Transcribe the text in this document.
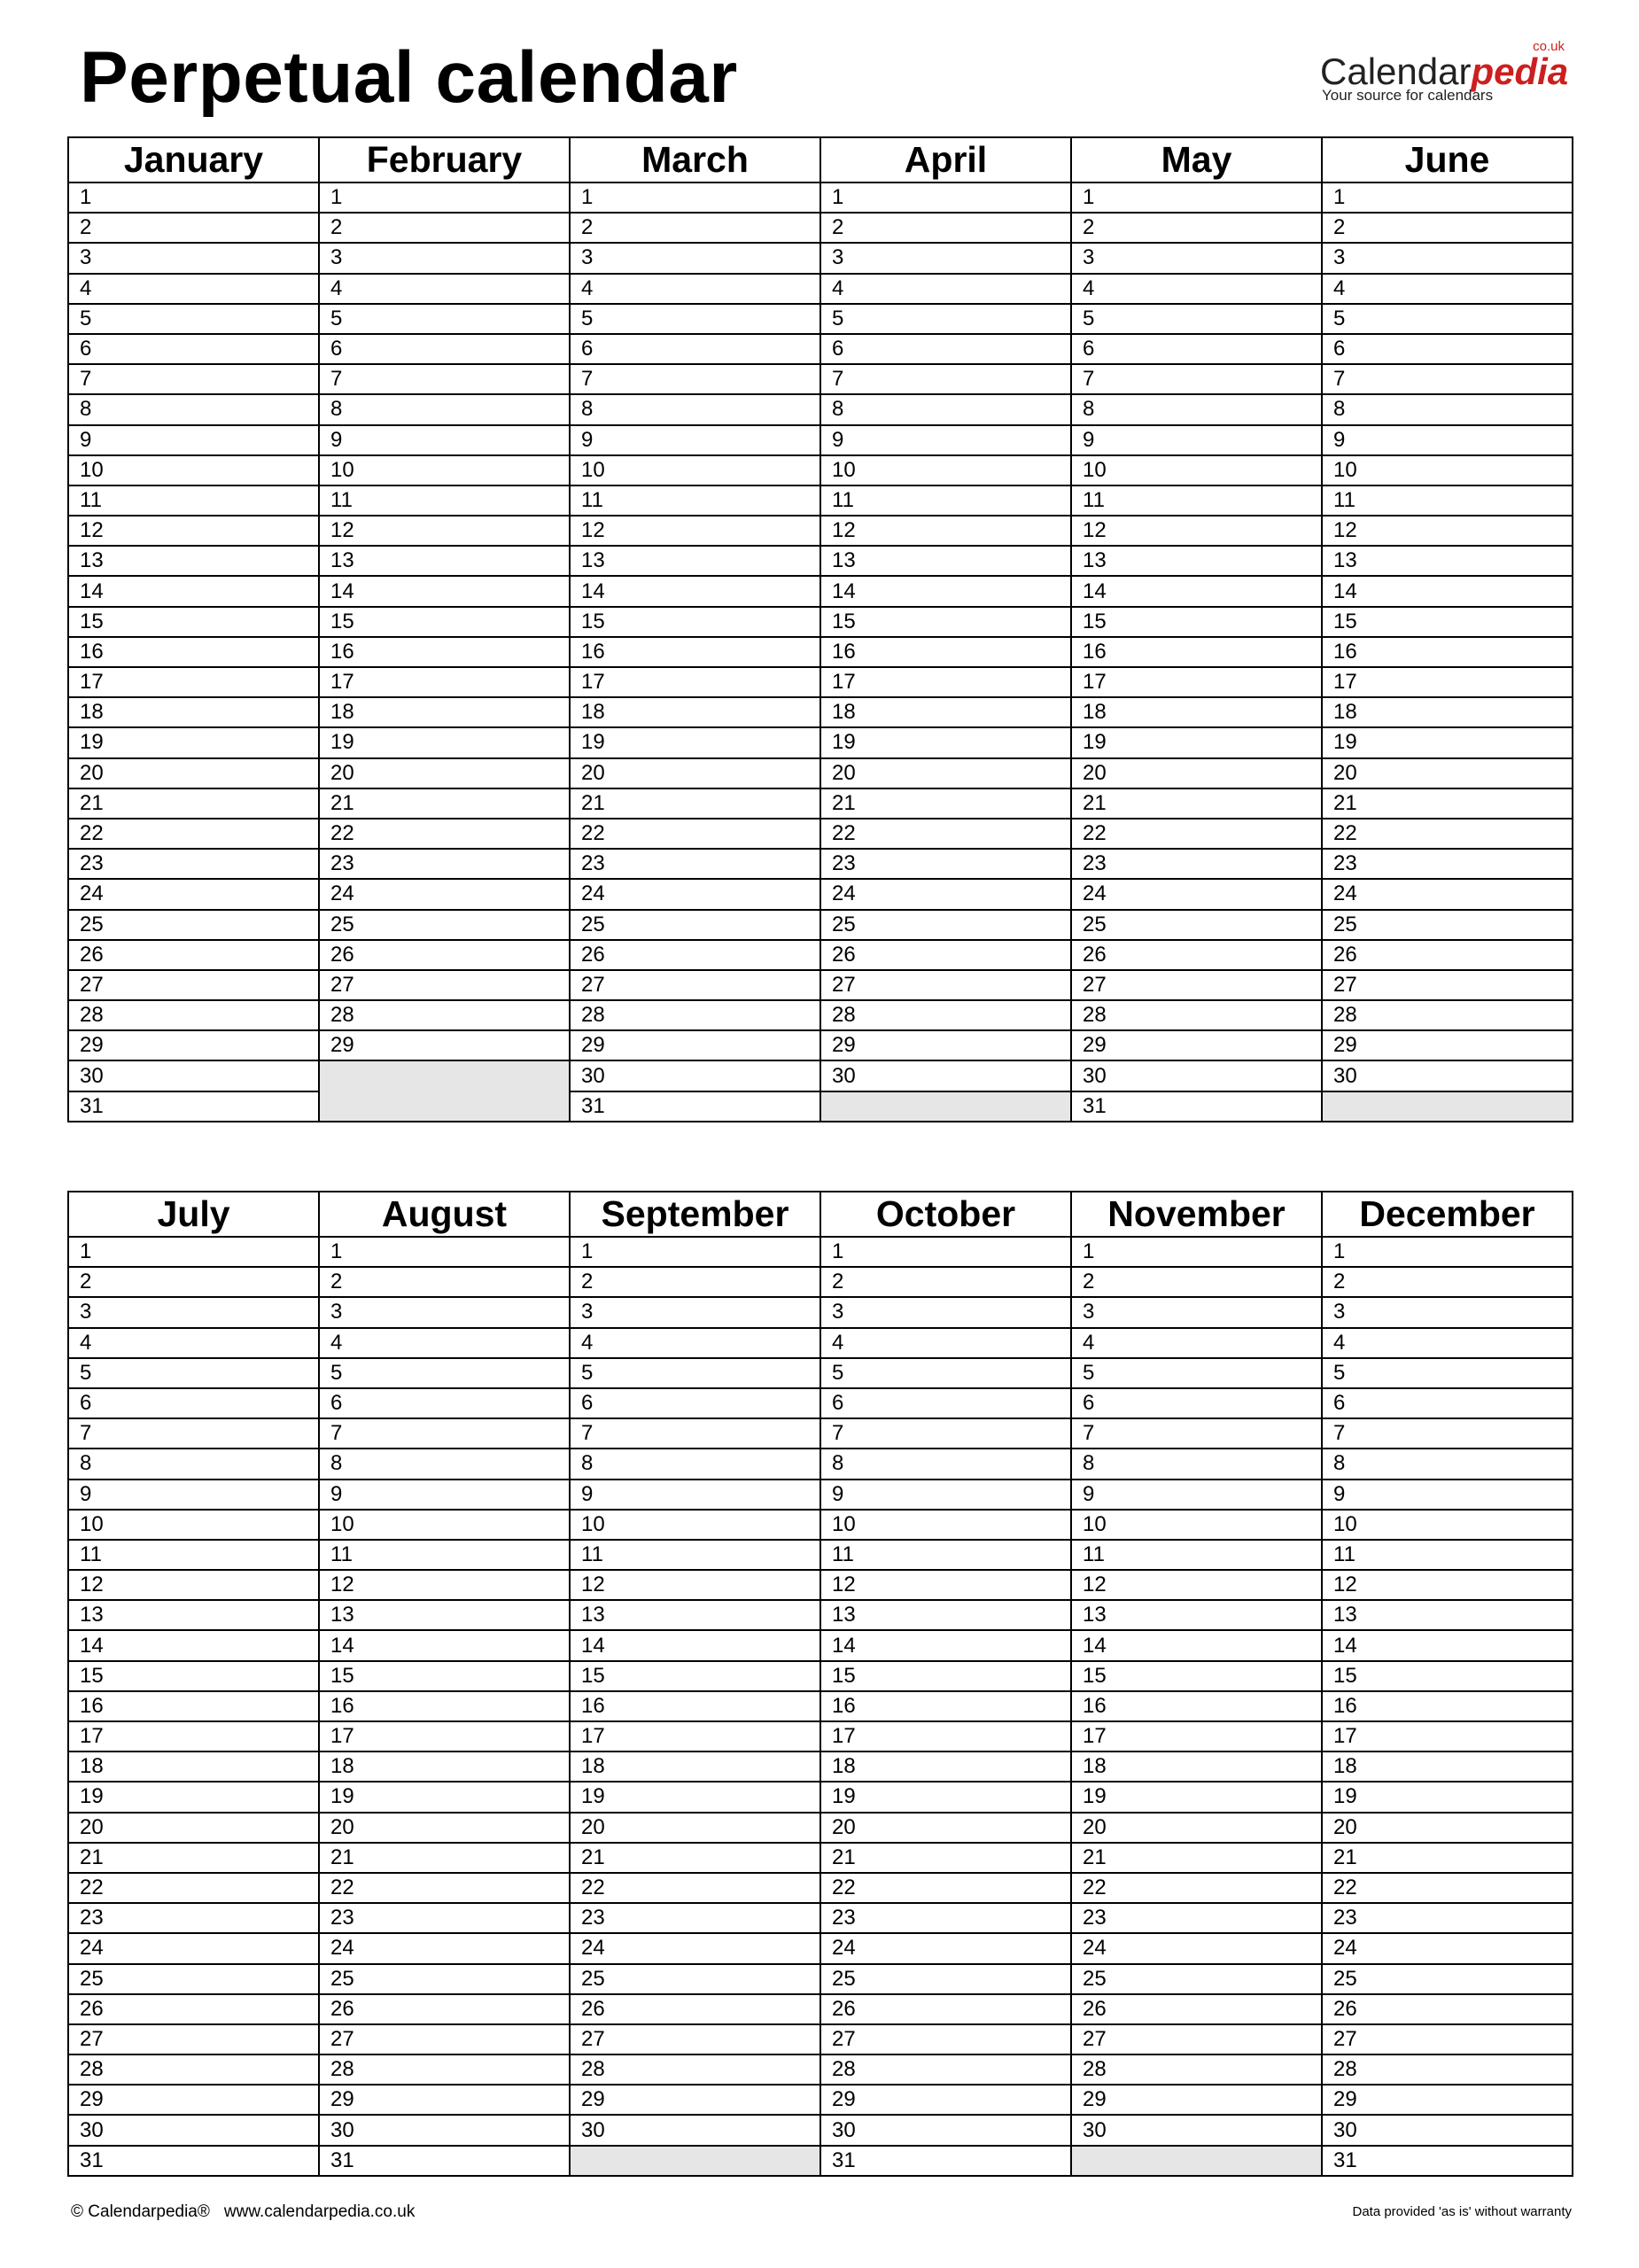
Perpetual calendar	co.uk
Calendarpedia
Your source for calendars
January	February	March	April	May	June
1	1	1	1	1	1
2	2	2	2	2	2
3	3	3	3	3	3
4	4	4	4	4	4
5	5	5	5	5	5
6	6	6	6	6	6
7	7	7	7	7	7
8	8	8	8	8	8
9	9	9	9	9	9
10	10	10	10	10	10
11	11	11	11	11	11
12	12	12	12	12	12
13	13	13	13	13	13
14	14	14	14	14	14
15	15	15	15	15	15
16	16	16	16	16	16
17	17	17	17	17	17
18	18	18	18	18	18
19	19	19	19	19	19
20	20	20	20	20	20
21	21	21	21	21	21
22	22	22	22	22	22
23	23	23	23	23	23
24	24	24	24	24	24
25	25	25	25	25	25
26	26	26	26	26	26
27	27	27	27	27	27
28	28	28	28	28	28
29	29	29	29	29	29
30		30	30	30	30
31		31		31	
July	August	September	October	November	December
1	1	1	1	1	1
2	2	2	2	2	2
3	3	3	3	3	3
4	4	4	4	4	4
5	5	5	5	5	5
6	6	6	6	6	6
7	7	7	7	7	7
8	8	8	8	8	8
9	9	9	9	9	9
10	10	10	10	10	10
11	11	11	11	11	11
12	12	12	12	12	12
13	13	13	13	13	13
14	14	14	14	14	14
15	15	15	15	15	15
16	16	16	16	16	16
17	17	17	17	17	17
18	18	18	18	18	18
19	19	19	19	19	19
20	20	20	20	20	20
21	21	21	21	21	21
22	22	22	22	22	22
23	23	23	23	23	23
24	24	24	24	24	24
25	25	25	25	25	25
26	26	26	26	26	26
27	27	27	27	27	27
28	28	28	28	28	28
29	29	29	29	29	29
30	30	30	30	30	30
31	31		31		31
© Calendarpedia® www.calendarpedia.co.uk	Data provided 'as is' without warranty
